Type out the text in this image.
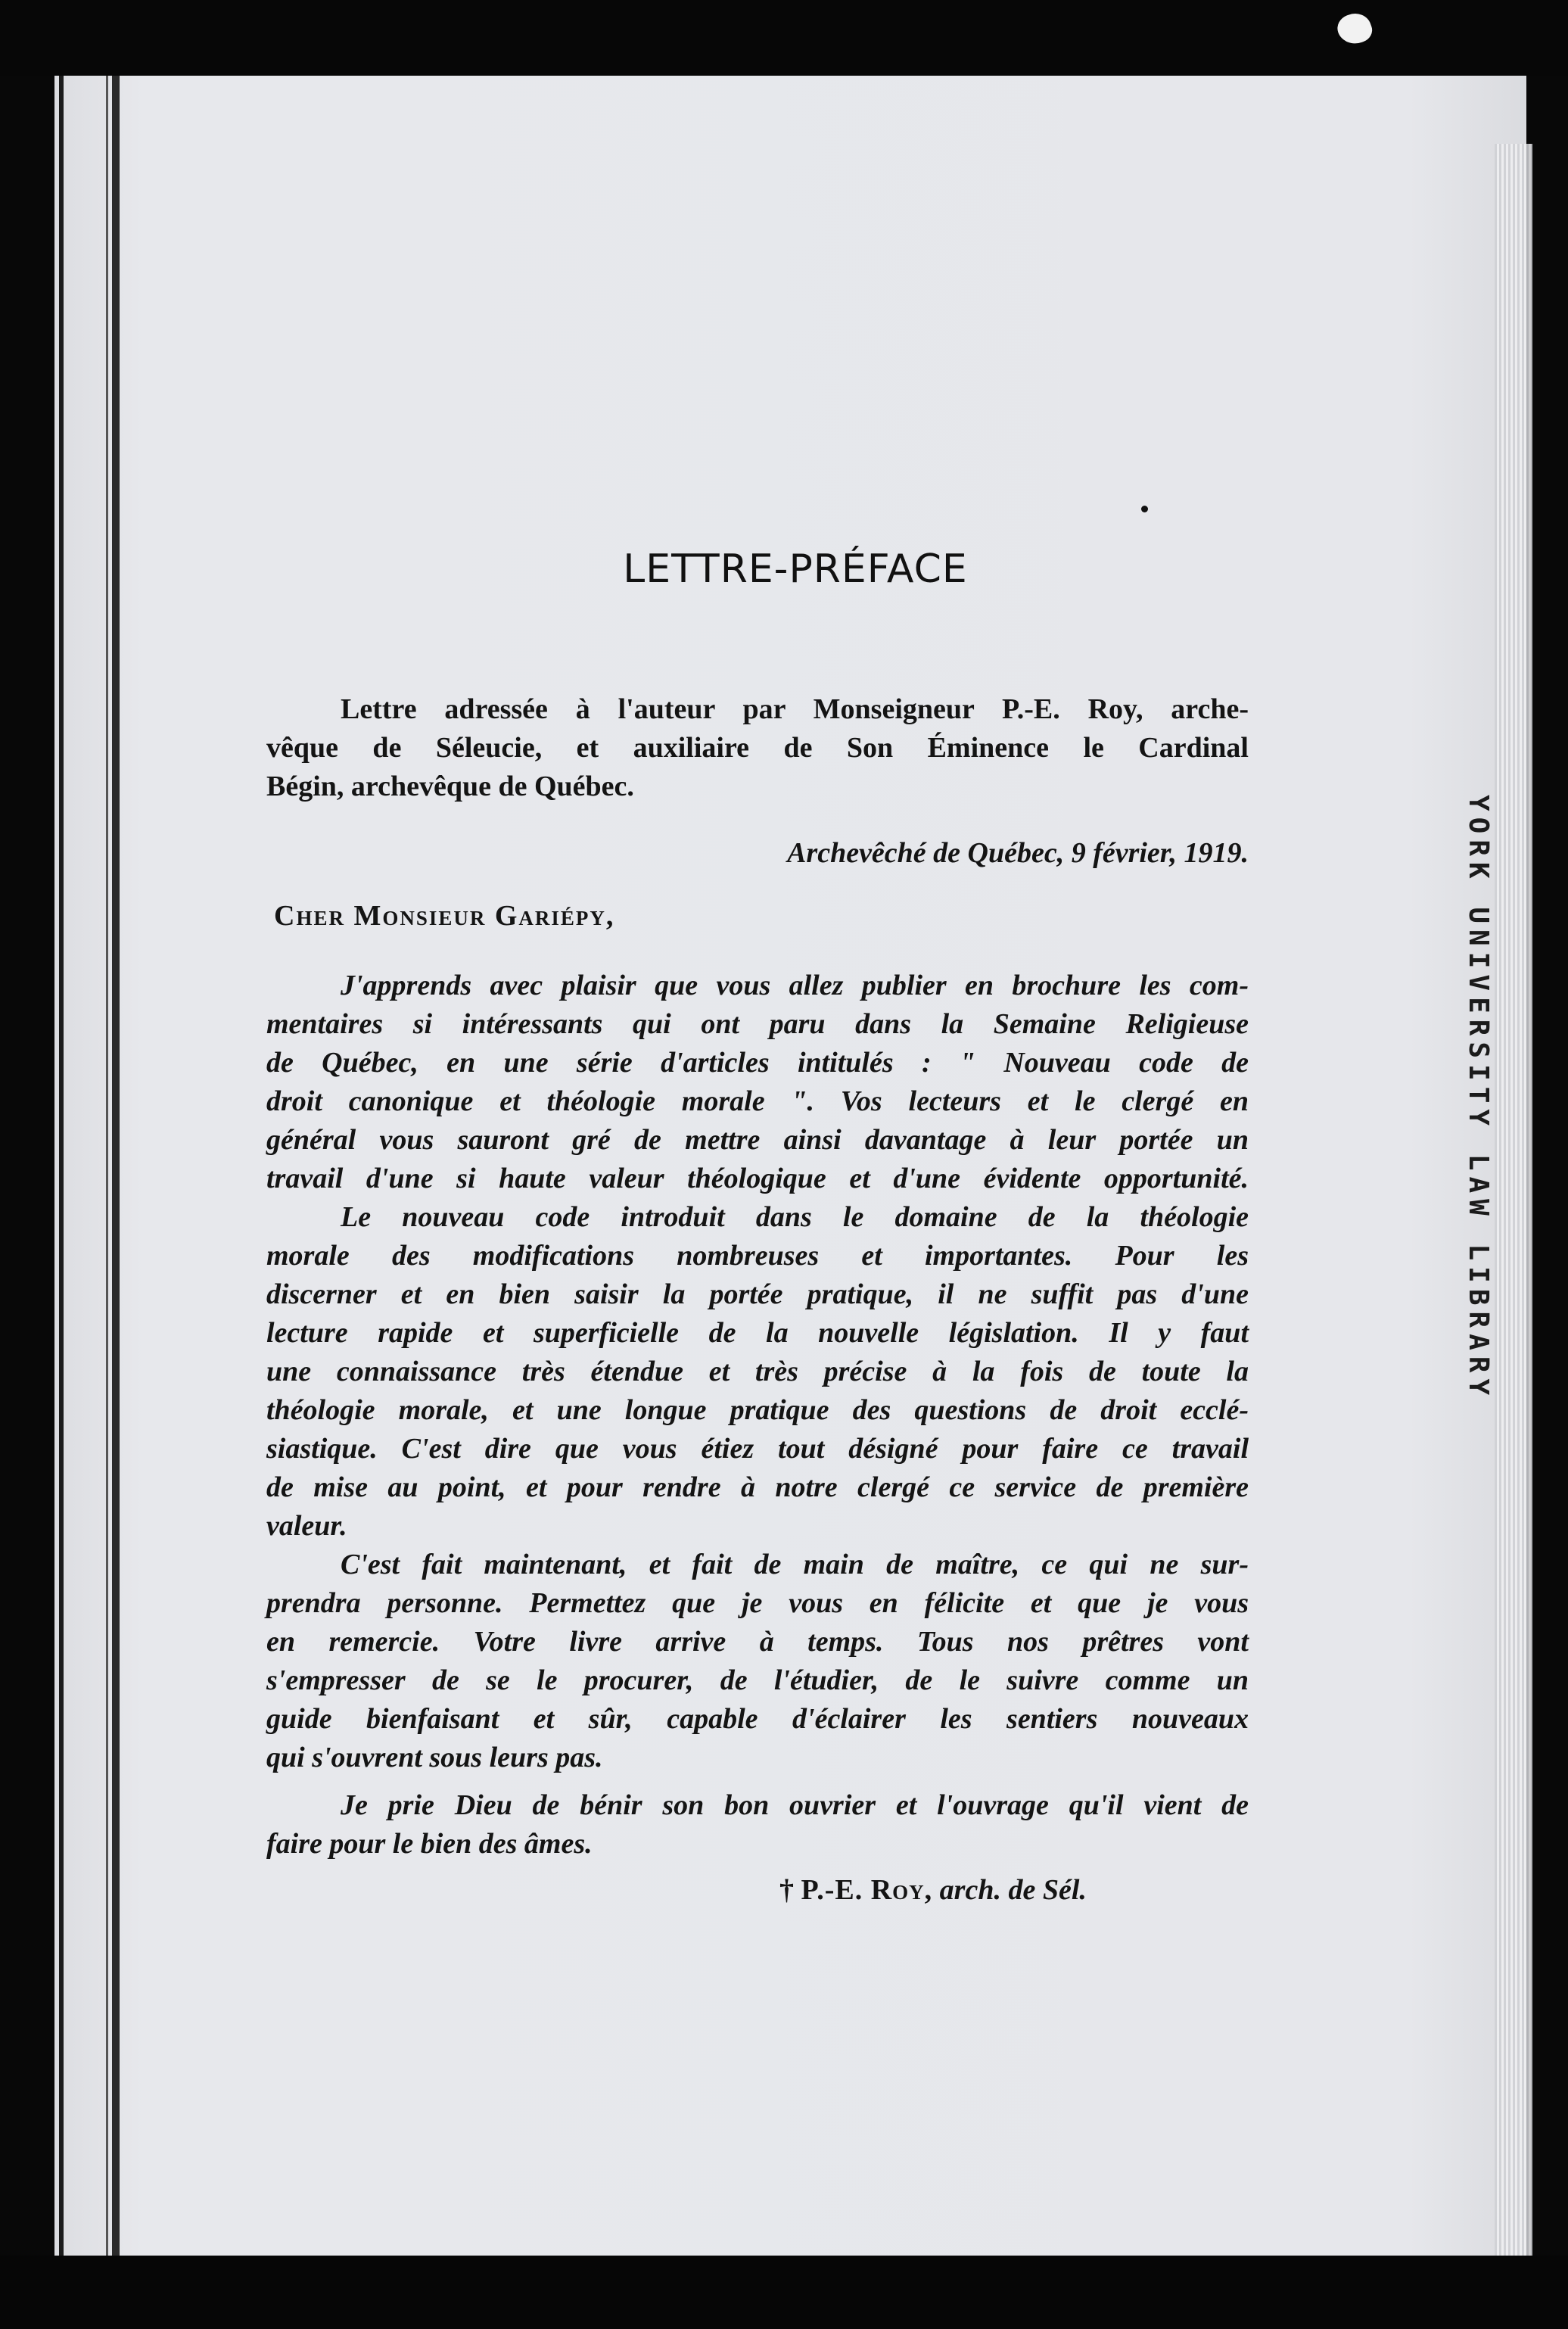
LETTRE-PRÉFACE
Lettre adressée à l'auteur par Monseigneur P.-E. Roy, arche-
vêque de Séleucie, et auxiliaire de Son Éminence le Cardinal
Bégin, archevêque de Québec.
Archevêché de Québec, 9 février, 1919.
Cher Monsieur Gariépy,
J'apprends avec plaisir que vous allez publier en brochure les com-
mentaires si intéressants qui ont paru dans la Semaine Religieuse
de Québec, en une série d'articles intitulés : " Nouveau code de
droit canonique et théologie morale ". Vos lecteurs et le clergé en
général vous sauront gré de mettre ainsi davantage à leur portée un
travail d'une si haute valeur théologique et d'une évidente opportunité.
Le nouveau code introduit dans le domaine de la théologie
morale des modifications nombreuses et importantes. Pour les
discerner et en bien saisir la portée pratique, il ne suffit pas d'une
lecture rapide et superficielle de la nouvelle législation. Il y faut
une connaissance très étendue et très précise à la fois de toute la
théologie morale, et une longue pratique des questions de droit ecclé-
siastique. C'est dire que vous étiez tout désigné pour faire ce travail
de mise au point, et pour rendre à notre clergé ce service de première
valeur.
C'est fait maintenant, et fait de main de maître, ce qui ne sur-
prendra personne. Permettez que je vous en félicite et que je vous
en remercie. Votre livre arrive à temps. Tous nos prêtres vont
s'empresser de se le procurer, de l'étudier, de le suivre comme un
guide bienfaisant et sûr, capable d'éclairer les sentiers nouveaux
qui s'ouvrent sous leurs pas.
Je prie Dieu de bénir son bon ouvrier et l'ouvrage qu'il vient de
faire pour le bien des âmes.
† P.-E. Roy, arch. de Sél.
YORK UNIVERSITY LAW LIBRARY
